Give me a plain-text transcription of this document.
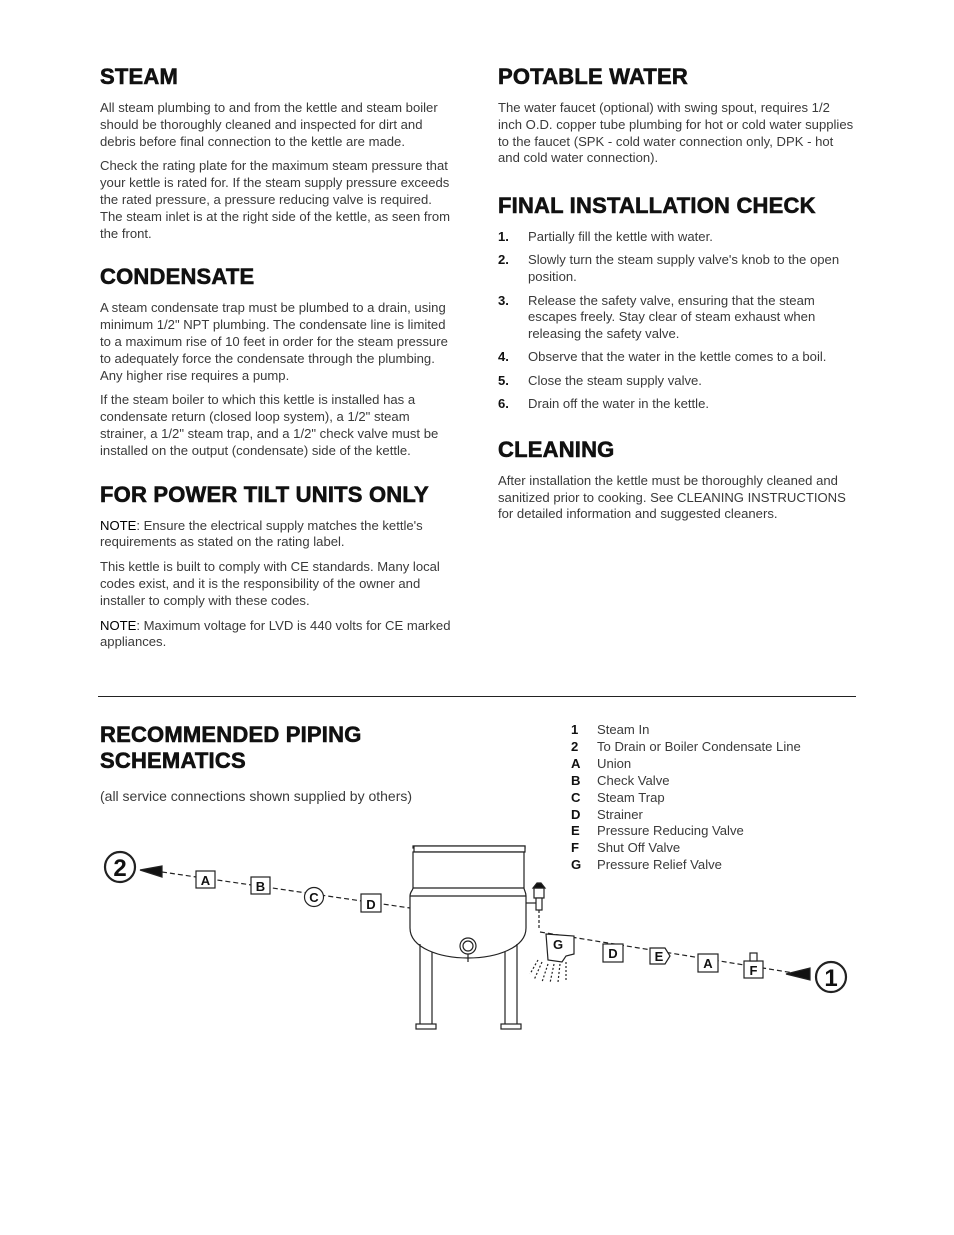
STEAM

All steam plumbing to and from the kettle and steam boiler should be thoroughly cleaned and inspected for dirt and debris before final connection to the kettle are made.

Check the rating plate for the maximum steam pressure that your kettle is rated for. If the steam supply pressure exceeds the rated pressure, a pressure reducing valve is required. The steam inlet is at the right side of the kettle, as seen from the front.

CONDENSATE

A steam condensate trap must be plumbed to a drain, using minimum 1/2" NPT plumbing. The condensate line is limited to a maximum rise of 10 feet in order for the steam pressure to adequately force the condensate through the plumbing. Any higher rise requires a pump.

If the steam boiler to which this kettle is installed has a condensate return (closed loop system), a 1/2" steam strainer, a 1/2" steam trap, and a 1/2" check valve must be installed on the output (condensate) side of the kettle.

FOR POWER TILT UNITS ONLY

NOTE: Ensure the electrical supply matches the kettle's requirements as stated on the rating label.

This kettle is built to comply with CE standards. Many local codes exist, and it is the responsibility of the owner and installer to comply with these codes.

NOTE: Maximum voltage for LVD is 440 volts for CE marked appliances.

POTABLE WATER

The water faucet (optional) with swing spout, requires 1/2 inch O.D. copper tube plumbing for hot or cold water supplies to the faucet (SPK - cold water connection only, DPK - hot and cold water connection).

FINAL INSTALLATION CHECK
1.	Partially fill the kettle with water.
2.	Slowly turn the steam supply valve's knob to the open position.
3.	Release the safety valve, ensuring that the steam escapes freely. Stay clear of steam exhaust when releasing the safety valve.
4.	Observe that the water in the kettle comes to a boil.
5.	Close the steam supply valve.
6.	Drain off the water in the kettle.
CLEANING

After installation the kettle must be thoroughly cleaned and sanitized prior to cooking. See CLEANING INSTRUCTIONS for detailed information and suggested cleaners.

RECOMMENDED PIPING SCHEMATICS

(all service connections shown supplied by others)

1	Steam In
2	To Drain or Boiler Condensate Line
A	Union
B	Check Valve
C	Steam Trap
D	Strainer
E	Pressure Reducing Valve
F	Shut Off Valve
G	Pressure Relief Valve
2
1
A	B
C	D
G
D	E	A	F
